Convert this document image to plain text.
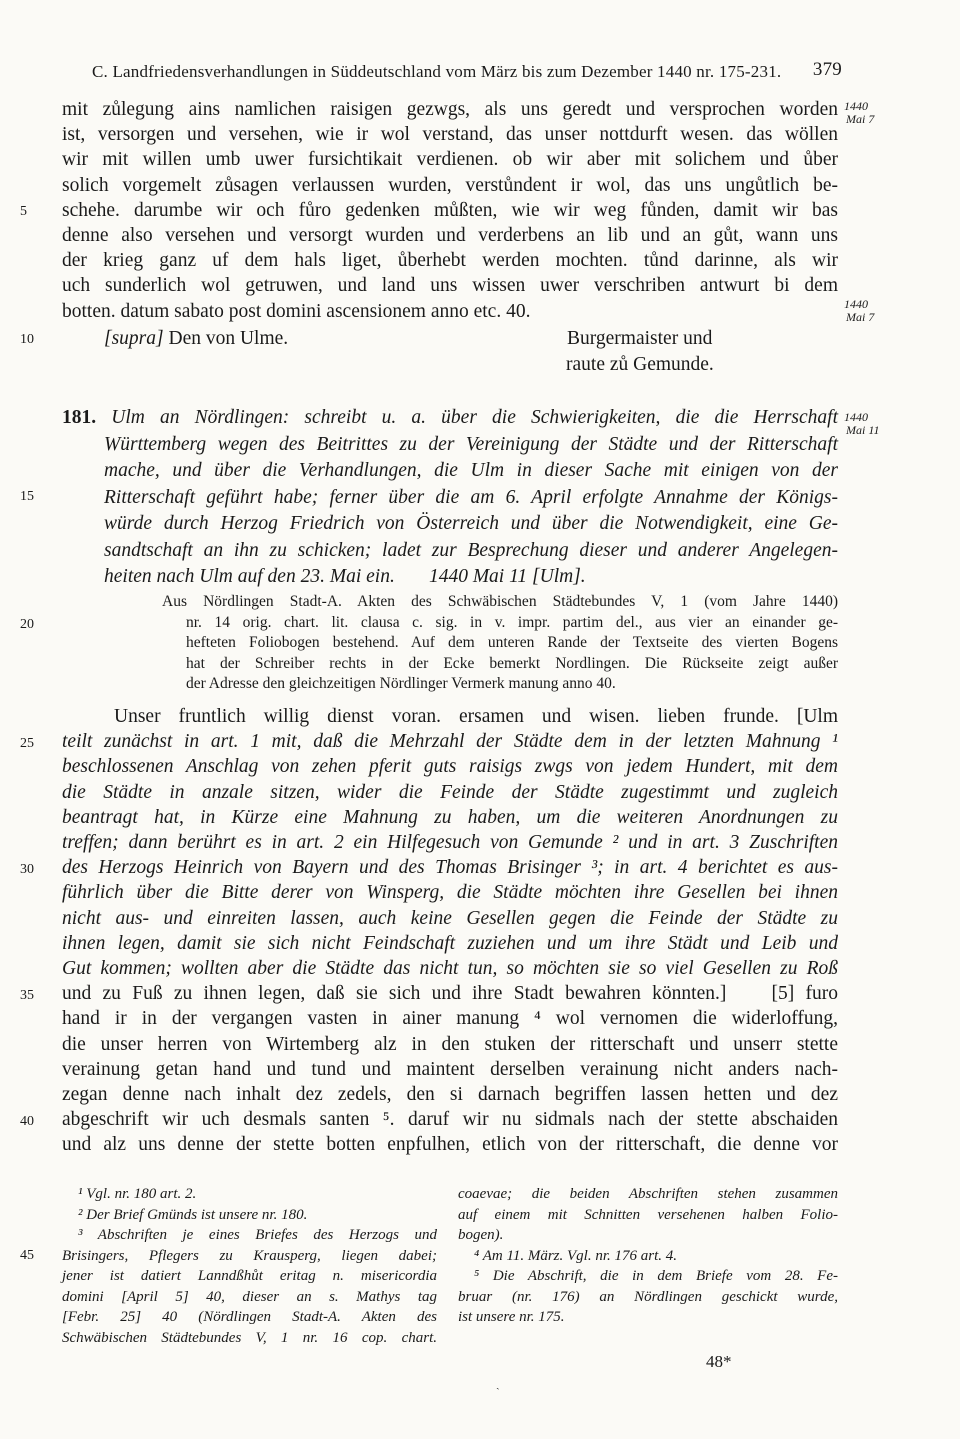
C. Landfriedensverhandlungen in Süddeutschland vom März bis zum Dezember 1440 nr. 175-231. 379
mit zůlegung ains namlichen raisigen gezwgs, als uns geredt und versprochen worden
ist, versorgen und versehen, wie ir wol verstand, das unser nottdurft wesen. das wöllen
wir mit willen umb uwer fursichtikait verdienen. ob wir aber mit solichem und ůber
solich vorgemelt zůsagen verlaussen wurden, verstůndent ir wol, das uns ungůtlich be-
schehe. darumbe wir och fůro gedenken můßten, wie wir weg fůnden, damit wir bas
denne also versehen und versorgt wurden und verderbens an lib und an gůt, wann uns
der krieg ganz uf dem hals liget, ůberhebt werden mochten. tůnd darinne, als wir
uch sunderlich wol getruwen, und land uns wissen uwer verschriben antwurt bi dem
botten. datum sabato post domini ascensionem anno etc. 40.
[supra] Den von Ulme.	Burgermaister und
raute zů Gemunde.
181. Ulm an Nördlingen: schreibt u. a. über die Schwierigkeiten, die die Herrschaft
Württemberg wegen des Beitrittes zu der Vereinigung der Städte und der Ritterschaft
mache, und über die Verhandlungen, die Ulm in dieser Sache mit einigen von der
Ritterschaft geführt habe; ferner über die am 6. April erfolgte Annahme der Königs-
würde durch Herzog Friedrich von Österreich und über die Notwendigkeit, eine Ge-
sandtschaft an ihn zu schicken; ladet zur Besprechung dieser und anderer Angelegen-
heiten nach Ulm auf den 23. Mai ein.       1440 Mai 11 [Ulm].
Aus Nördlingen Stadt-A. Akten des Schwäbischen Städtebundes V, 1 (vom Jahre 1440)
nr. 14 orig. chart. lit. clausa c. sig. in v. impr. partim del., aus vier an einander ge-
hefteten Foliobogen bestehend. Auf dem unteren Rande der Textseite des vierten Bogens
hat der Schreiber rechts in der Ecke bemerkt Nordlingen. Die Rückseite zeigt außer
der Adresse den gleichzeitigen Nördlinger Vermerk manung anno 40.
Unser fruntlich willig dienst voran. ersamen und wisen. lieben frunde. [Ulm
teilt zunächst in art. 1 mit, daß die Mehrzahl der Städte dem in der letzten Mahnung ¹
beschlossenen Anschlag von zehen pferit guts raisigs zwgs von jedem Hundert, mit dem
die Städte in anzale sitzen, wider die Feinde der Städte zugestimmt und zugleich
beantragt hat, in Kürze eine Mahnung zu haben, um die weiteren Anordnungen zu
treffen; dann berührt es in art. 2 ein Hilfegesuch von Gemunde ² und in art. 3 Zuschriften
des Herzogs Heinrich von Bayern und des Thomas Brisinger ³; in art. 4 berichtet es aus-
führlich über die Bitte derer von Winsperg, die Städte möchten ihre Gesellen bei ihnen
nicht aus- und einreiten lassen, auch keine Gesellen gegen die Feinde der Städte zu
ihnen legen, damit sie sich nicht Feindschaft zuziehen und um ihre Städt und Leib und
Gut kommen; wollten aber die Städte das nicht tun, so möchten sie so viel Gesellen zu Roß
und zu Fuß zu ihnen legen, daß sie sich und ihre Stadt bewahren könnten.]    [5] furo
hand ir in der vergangen vasten in ainer manung ⁴ wol vernomen die widerloffung,
die unser herren von Wirtemberg alz in den stuken der ritterschaft und unserr stette
verainung getan hand und tund und maintent derselben verainung nicht anders nach-
zegan denne nach inhalt dez zedels, den si darnach begriffen lassen hetten und dez
abgeschrift wir uch desmals santen ⁵. daruf wir nu sidmals nach der stette abschaiden
und alz uns denne der stette botten enpfulhen, etlich von der ritterschaft, die denne vor
¹ Vgl. nr. 180 art. 2.
² Der Brief Gmünds ist unsere nr. 180.
³ Abschriften je eines Briefes des Herzogs und
Brisingers, Pflegers zu Krausperg, liegen dabei;
jener ist datiert Lanndßhůt eritag n. misericordia
domini [April 5] 40, dieser an s. Mathys tag
[Febr. 25] 40 (Nördlingen Stadt-A. Akten des
Schwäbischen Städtebundes V, 1 nr. 16 cop. chart.
coaevae; die beiden Abschriften stehen zusammen
auf einem mit Schnitten versehenen halben Folio-
bogen).
⁴ Am 11. März. Vgl. nr. 176 art. 4.
⁵ Die Abschrift, die in dem Briefe vom 28. Fe-
bruar (nr. 176) an Nördlingen geschickt wurde,
ist unsere nr. 175.
1440
Mai 7
1440
Mai 7
1440
Mai 11
5
10
15
20
25
30
35
40
45
48*
ˏ
